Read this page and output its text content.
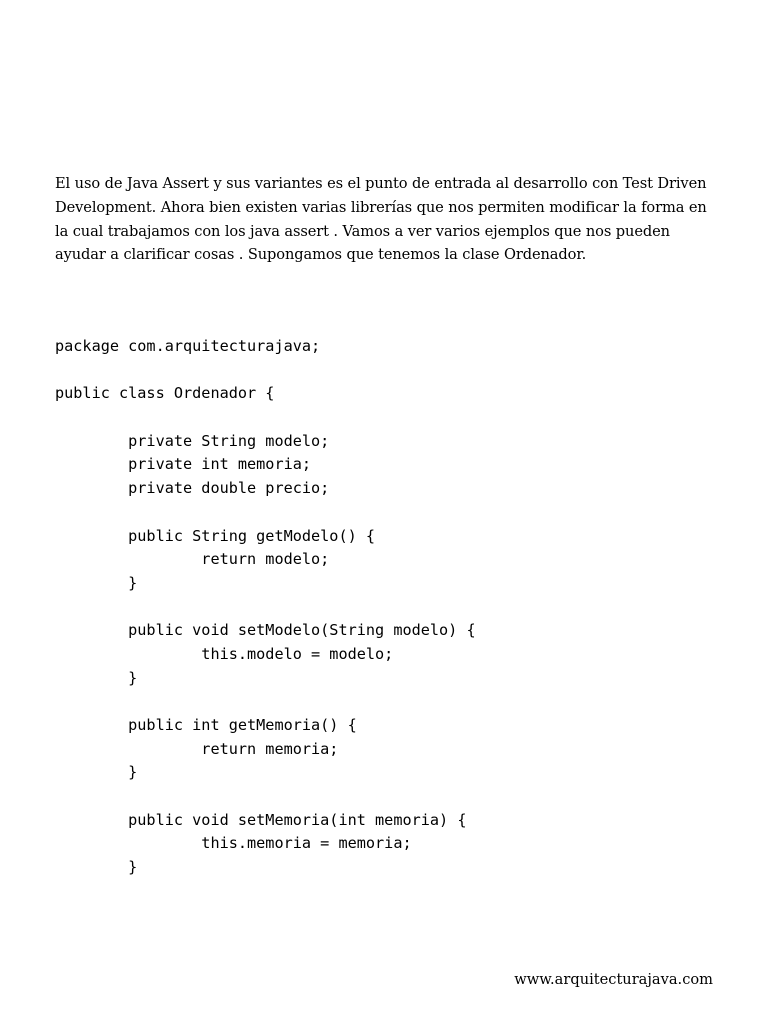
El uso de Java Assert y sus variantes es el punto de entrada al desarrollo con Test Driven Development. Ahora bien existen varias librerías que nos permiten modificar la forma en la cual trabajamos con los java assert . Vamos a ver varios ejemplos que nos pueden ayudar a clarificar cosas . Supongamos que tenemos la clase Ordenador.

package com.arquitecturajava;
public class Ordenador {
private String modelo;
private int memoria;
private double precio;
public String getModelo() {
return modelo;
}
public void setModelo(String modelo) {
this.modelo = modelo;
}
public int getMemoria() {
return memoria;
}
public void setMemoria(int memoria) {
this.memoria = memoria;
}
www.arquitecturajava.com
